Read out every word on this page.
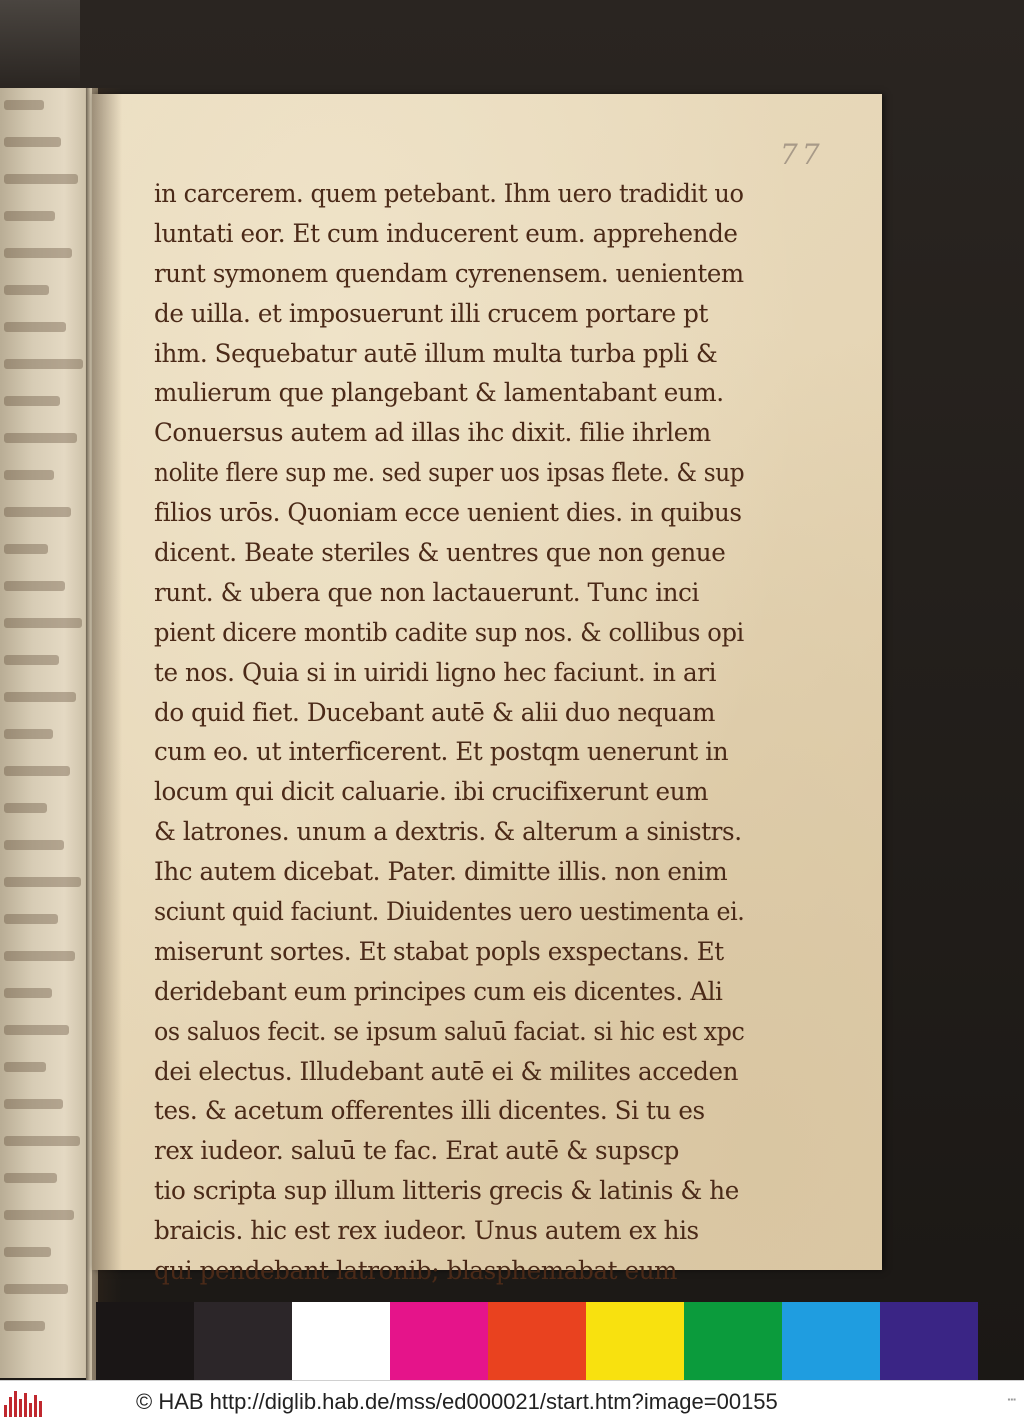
77
in carcerem. quem petebant. Ihm uero tradidit uo
luntati eor. Et cum inducerent eum. apprehende
runt symonem quendam cyrenensem. uenientem
de uilla. et imposuerunt illi crucem portare pt
ihm. Sequebatur autē illum multa turba ppli &
mulierum que plangebant & lamentabant eum.
Conuersus autem ad illas ihc dixit. filie ihrlem
nolite flere sup me. sed super uos ipsas flete. & sup
filios urōs. Quoniam ecce uenient dies. in quibus
dicent. Beate steriles & uentres que non genue
runt. & ubera que non lactauerunt. Tunc inci
pient dicere montib cadite sup nos. & collibus opi
te nos. Quia si in uiridi ligno hec faciunt. in ari
do quid fiet. Ducebant autē & alii duo nequam
cum eo. ut interficerent. Et postqm uenerunt in
locum qui dicit caluarie. ibi crucifixerunt eum
& latrones. unum a dextris. & alterum a sinistrs.
Ihc autem dicebat. Pater. dimitte illis. non enim
sciunt quid faciunt. Diuidentes uero uestimenta ei.
miserunt sortes. Et stabat popls exspectans. Et
deridebant eum principes cum eis dicentes. Ali
os saluos fecit. se ipsum saluū faciat. si hic est xpc
dei electus. Illudebant autē ei & milites acceden
tes. & acetum offerentes illi dicentes. Si tu es
rex iudeor. saluū te fac. Erat autē & supscp
tio scripta sup illum litteris grecis & latinis & he
braicis. hic est rex iudeor. Unus autem ex his
qui pendebant latronib; blasphemabat eum
© HAB http://diglib.hab.de/mss/ed000021/start.htm?image=00155	▪▪▪
